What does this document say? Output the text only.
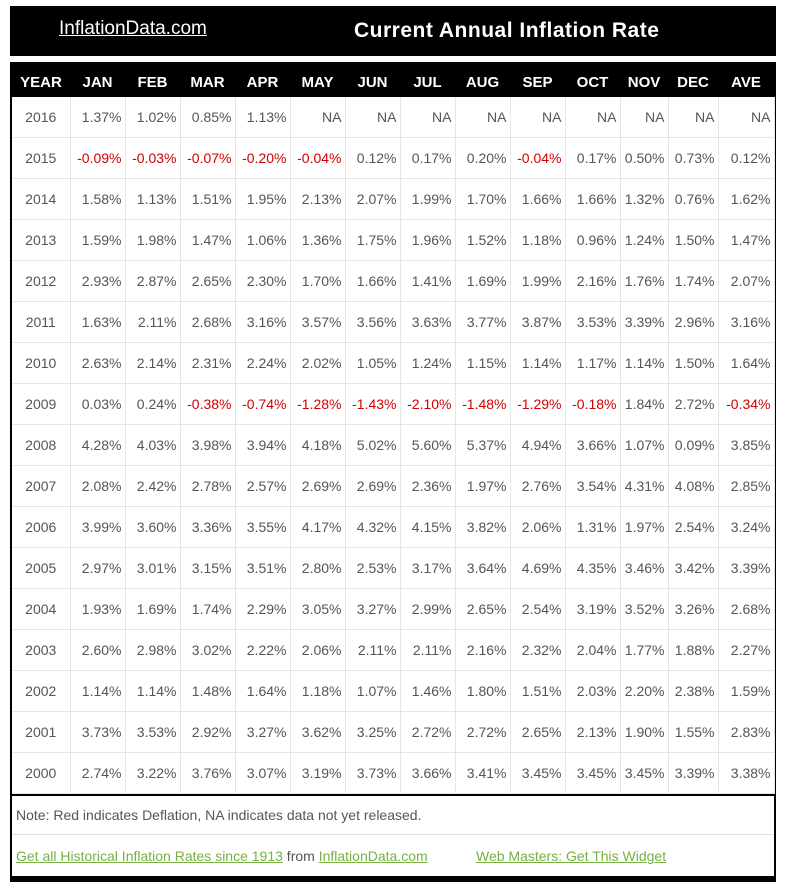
InflationData.com	Current Annual Inflation Rate
YEAR	JAN	FEB	MAR	APR	MAY	JUN	JUL	AUG	SEP	OCT	NOV	DEC	AVE
2016	1.37%	1.02%	0.85%	1.13%	NA	NA	NA	NA	NA	NA	NA	NA	NA
2015	-0.09%	-0.03%	-0.07%	-0.20%	-0.04%	0.12%	0.17%	0.20%	-0.04%	0.17%	0.50%	0.73%	0.12%
2014	1.58%	1.13%	1.51%	1.95%	2.13%	2.07%	1.99%	1.70%	1.66%	1.66%	1.32%	0.76%	1.62%
2013	1.59%	1.98%	1.47%	1.06%	1.36%	1.75%	1.96%	1.52%	1.18%	0.96%	1.24%	1.50%	1.47%
2012	2.93%	2.87%	2.65%	2.30%	1.70%	1.66%	1.41%	1.69%	1.99%	2.16%	1.76%	1.74%	2.07%
2011	1.63%	2.11%	2.68%	3.16%	3.57%	3.56%	3.63%	3.77%	3.87%	3.53%	3.39%	2.96%	3.16%
2010	2.63%	2.14%	2.31%	2.24%	2.02%	1.05%	1.24%	1.15%	1.14%	1.17%	1.14%	1.50%	1.64%
2009	0.03%	0.24%	-0.38%	-0.74%	-1.28%	-1.43%	-2.10%	-1.48%	-1.29%	-0.18%	1.84%	2.72%	-0.34%
2008	4.28%	4.03%	3.98%	3.94%	4.18%	5.02%	5.60%	5.37%	4.94%	3.66%	1.07%	0.09%	3.85%
2007	2.08%	2.42%	2.78%	2.57%	2.69%	2.69%	2.36%	1.97%	2.76%	3.54%	4.31%	4.08%	2.85%
2006	3.99%	3.60%	3.36%	3.55%	4.17%	4.32%	4.15%	3.82%	2.06%	1.31%	1.97%	2.54%	3.24%
2005	2.97%	3.01%	3.15%	3.51%	2.80%	2.53%	3.17%	3.64%	4.69%	4.35%	3.46%	3.42%	3.39%
2004	1.93%	1.69%	1.74%	2.29%	3.05%	3.27%	2.99%	2.65%	2.54%	3.19%	3.52%	3.26%	2.68%
2003	2.60%	2.98%	3.02%	2.22%	2.06%	2.11%	2.11%	2.16%	2.32%	2.04%	1.77%	1.88%	2.27%
2002	1.14%	1.14%	1.48%	1.64%	1.18%	1.07%	1.46%	1.80%	1.51%	2.03%	2.20%	2.38%	1.59%
2001	3.73%	3.53%	2.92%	3.27%	3.62%	3.25%	2.72%	2.72%	2.65%	2.13%	1.90%	1.55%	2.83%
2000	2.74%	3.22%	3.76%	3.07%	3.19%	3.73%	3.66%	3.41%	3.45%	3.45%	3.45%	3.39%	3.38%
Note: Red indicates Deflation, NA indicates data not yet released.
Get all Historical Inflation Rates since 1913 from InflationData.com	Web Masters: Get This Widget
